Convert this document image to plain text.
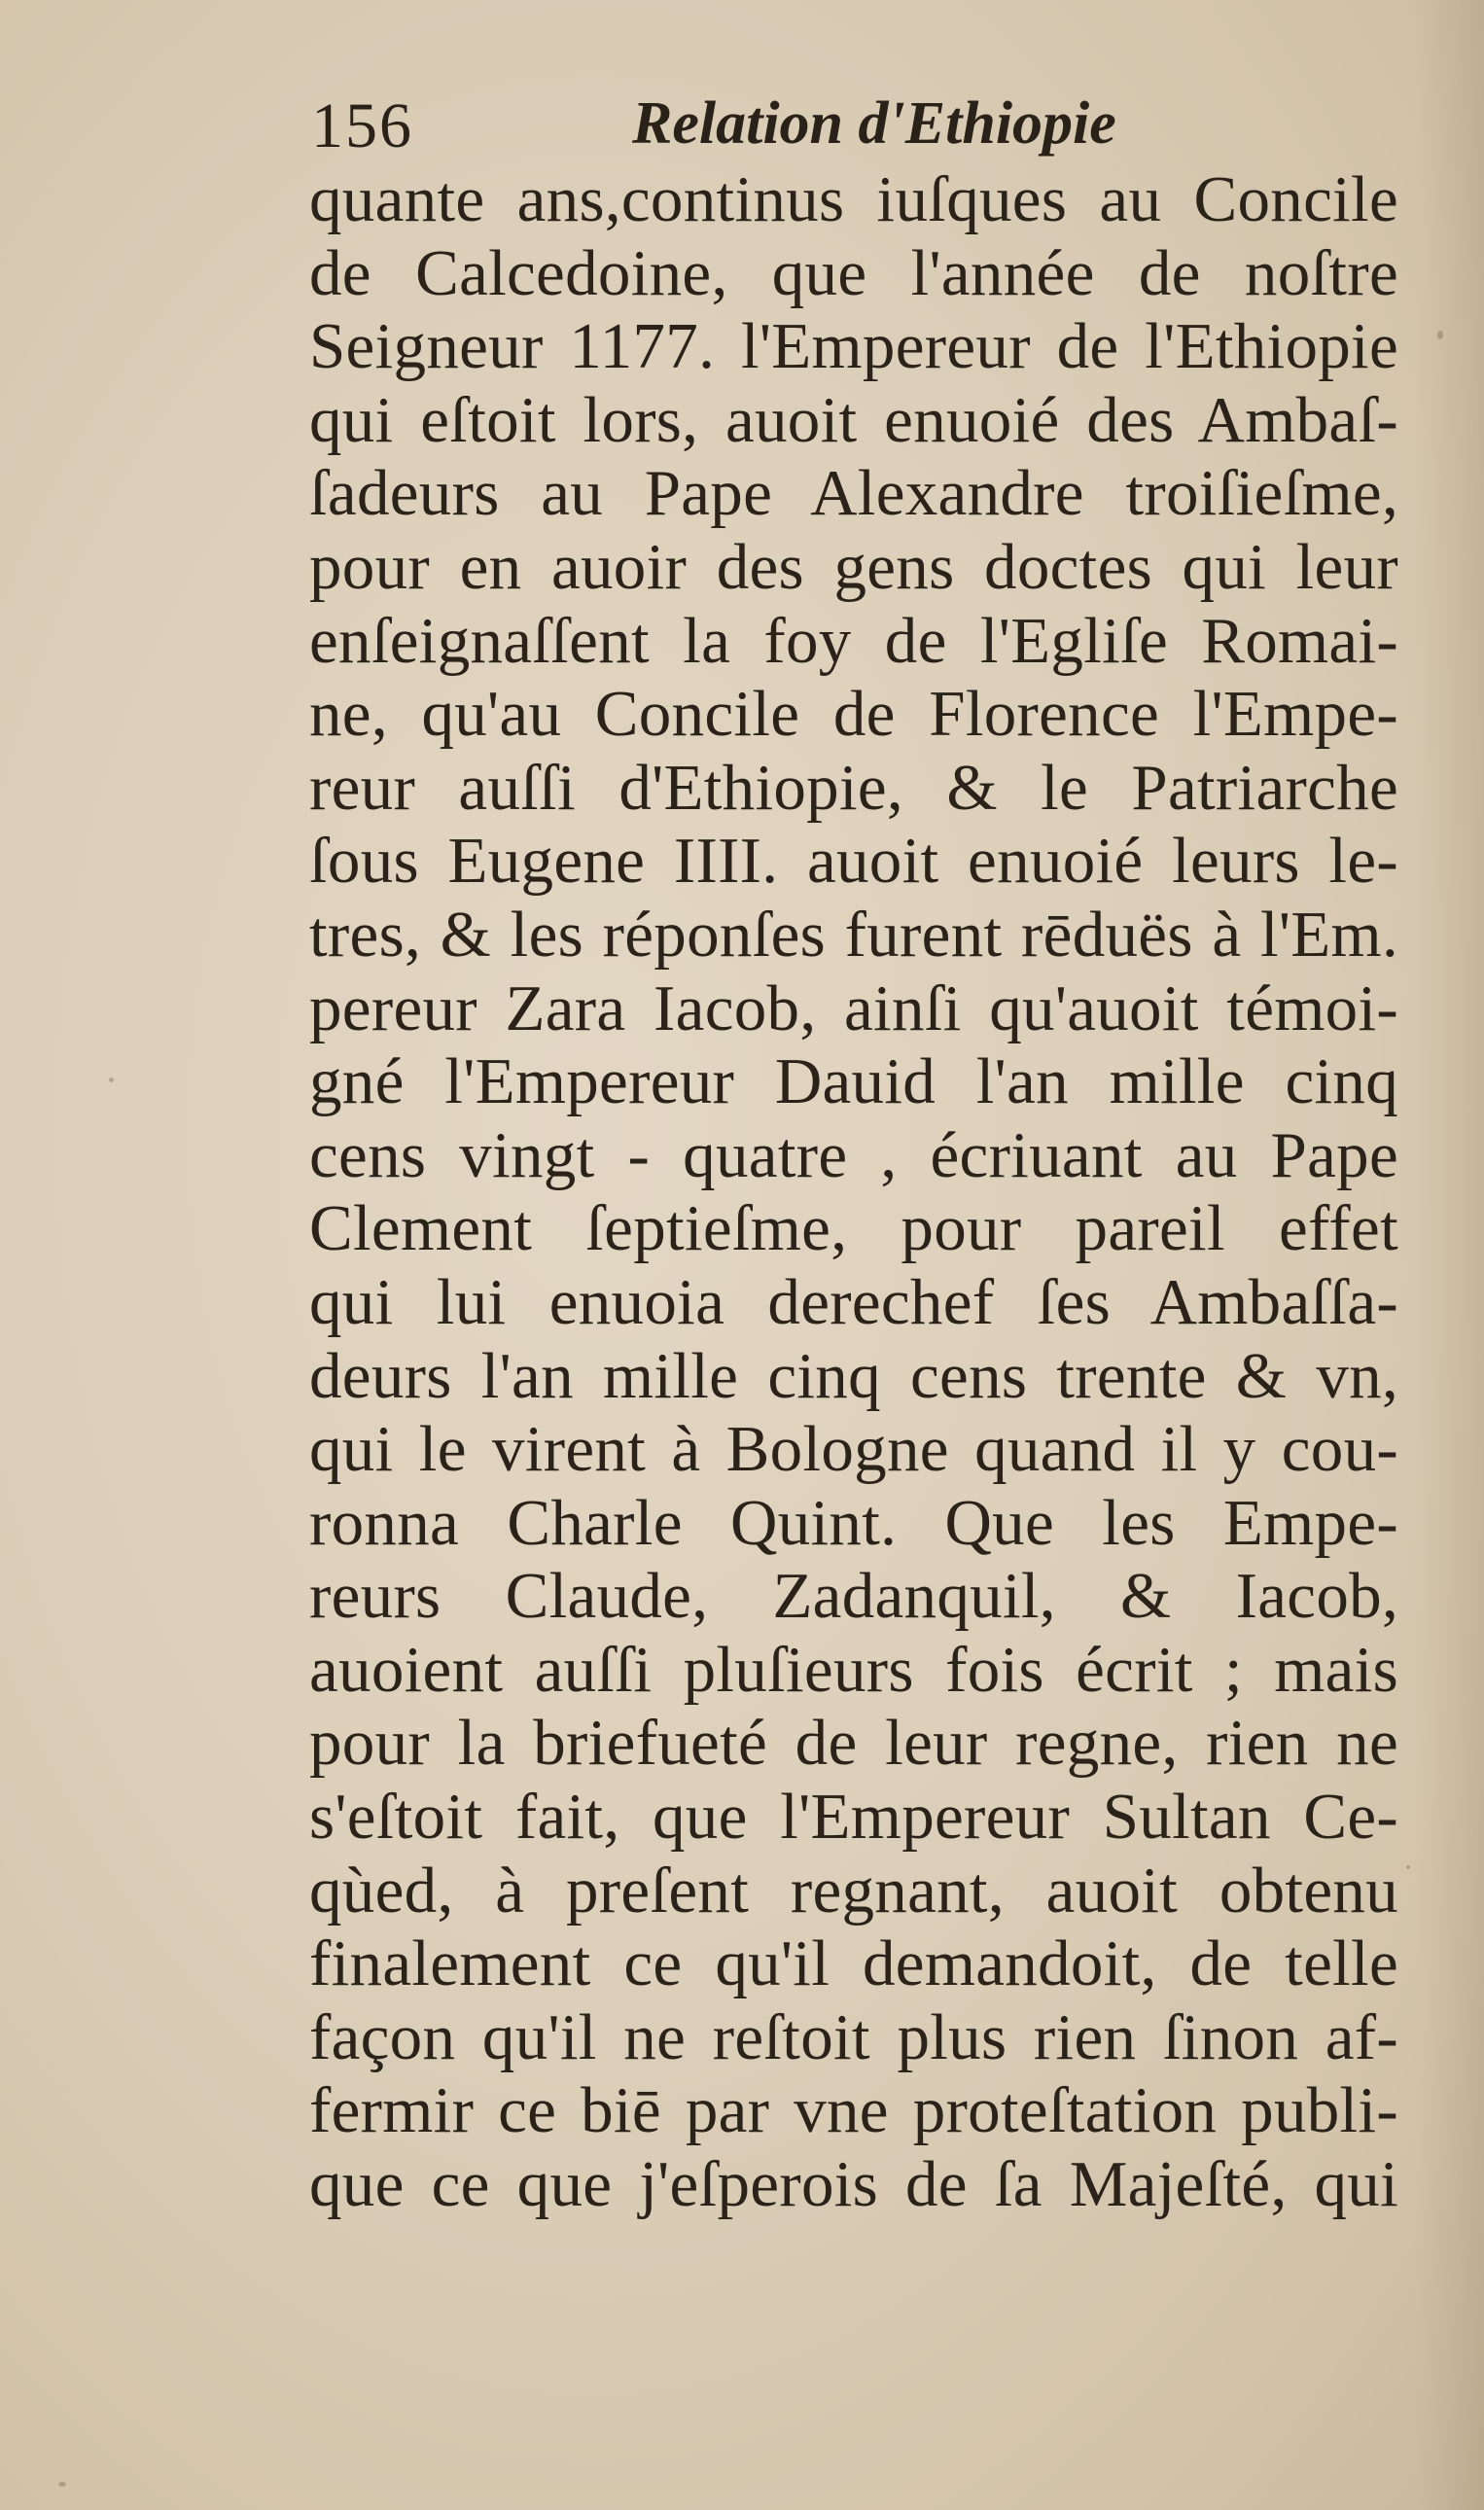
156	Relation d'Ethiopie
quante ans,continus iuſques au Concile
de Calcedoine, que l'année de noſtre
Seigneur 1177. l'Empereur de l'Ethiopie
qui eſtoit lors, auoit enuoié des Ambaſ-
ſadeurs au Pape Alexandre troiſieſme,
pour en auoir des gens doctes qui leur
enſeignaſſent la foy de l'Egliſe Romai-
ne, qu'au Concile de Florence l'Empe-
reur auſſi d'Ethiopie, & le Patriarche
ſous Eugene IIII. auoit enuoié leurs le-
tres, & les réponſes furent rēduës à l'Em.
pereur Zara Iacob, ainſi qu'auoit témoi-
gné l'Empereur Dauid l'an mille cinq
cens vingt - quatre , écriuant au Pape
Clement ſeptieſme, pour pareil effet
qui lui enuoia derechef ſes Ambaſſa-
deurs l'an mille cinq cens trente & vn,
qui le virent à Bologne quand il y cou-
ronna Charle Quint. Que les Empe-
reurs Claude, Zadanquil, & Iacob,
auoient auſſi pluſieurs fois écrit ; mais
pour la briefueté de leur regne, rien ne
s'eſtoit fait, que l'Empereur Sultan Ce-
qùed, à preſent regnant, auoit obtenu
finalement ce qu'il demandoit, de telle
façon qu'il ne reſtoit plus rien ſinon af-
fermir ce biē par vne proteſtation publi-
que ce que j'eſperois de ſa Majeſté, qui
